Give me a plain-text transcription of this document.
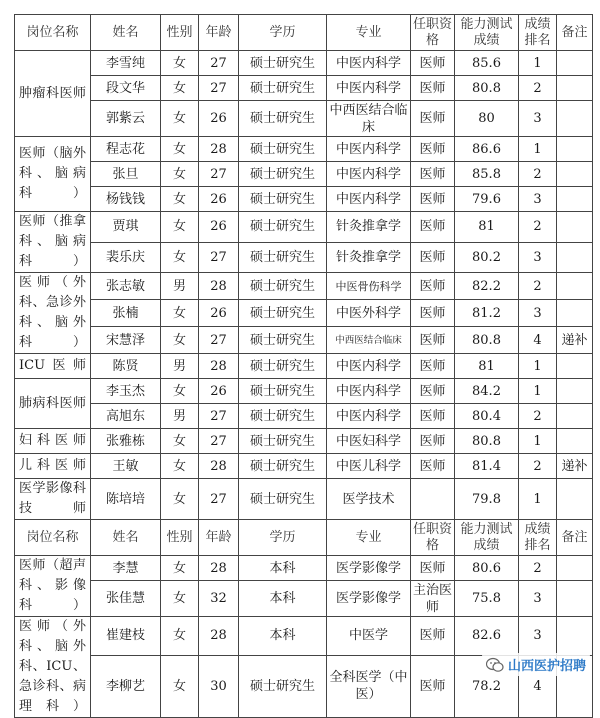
岗位名称	姓名	性别	年龄	学历	专业	任职资格	能力测试成绩	成绩排名	备注
肿瘤科医师	李雪纯	女	27	硕士研究生	中医内科学	医师	85.6	1	
	段文华	女	27	硕士研究生	中医内科学	医师	80.8	2	
	郭紫云	女	26	硕士研究生	中西医结合临床	医师	80	3	
医师（脑外科、脑病科）	程志花	女	28	硕士研究生	中医内科学	医师	86.6	1	
	张旦	女	27	硕士研究生	中医内科学	医师	85.8	2	
	杨钱钱	女	26	硕士研究生	中医内科学	医师	79.6	3	
医师（推拿科、脑病科）	贾琪	女	26	硕士研究生	针灸推拿学	医师	81	2	
	裴乐庆	女	27	硕士研究生	针灸推拿学	医师	80.2	3	
医师（外科、急诊外科、脑外科）	张志敏	男	28	硕士研究生	中医骨伤科学	医师	82.2	2	
	张楠	女	26	硕士研究生	中医外科学	医师	81.2	3	
	宋慧泽	女	27	硕士研究生	中西医结合临床	医师	80.8	4	递补
ICU医师	陈贤	男	28	硕士研究生	中医内科学	医师	81	1	
肺病科医师	李玉杰	女	26	硕士研究生	中医内科学	医师	84.2	1	
	高旭东	男	27	硕士研究生	中医内科学	医师	80.4	2	
妇科医师	张雅栋	女	27	硕士研究生	中医妇科学	医师	80.8	1	
儿科医师	王敏	女	28	硕士研究生	中医儿科学	医师	81.4	2	递补
医学影像科技师	陈培培	女	27	硕士研究生	医学技术		79.8	1	
岗位名称	姓名	性别	年龄	学历	专业	任职资格	能力测试成绩	成绩排名	备注
医师（超声科、影像科）	李慧	女	28	本科	医学影像学	医师	80.6	2	
	张佳慧	女	32	本科	医学影像学	主治医师	75.8	3	
医师（外科、脑外科、ICU、急诊科、病理科）	崔建枝	女	28	本科	中医学	医师	82.6	3	
	李柳艺	女	30	硕士研究生	全科医学（中医）	医师	78.2	4	
山西医护招聘
